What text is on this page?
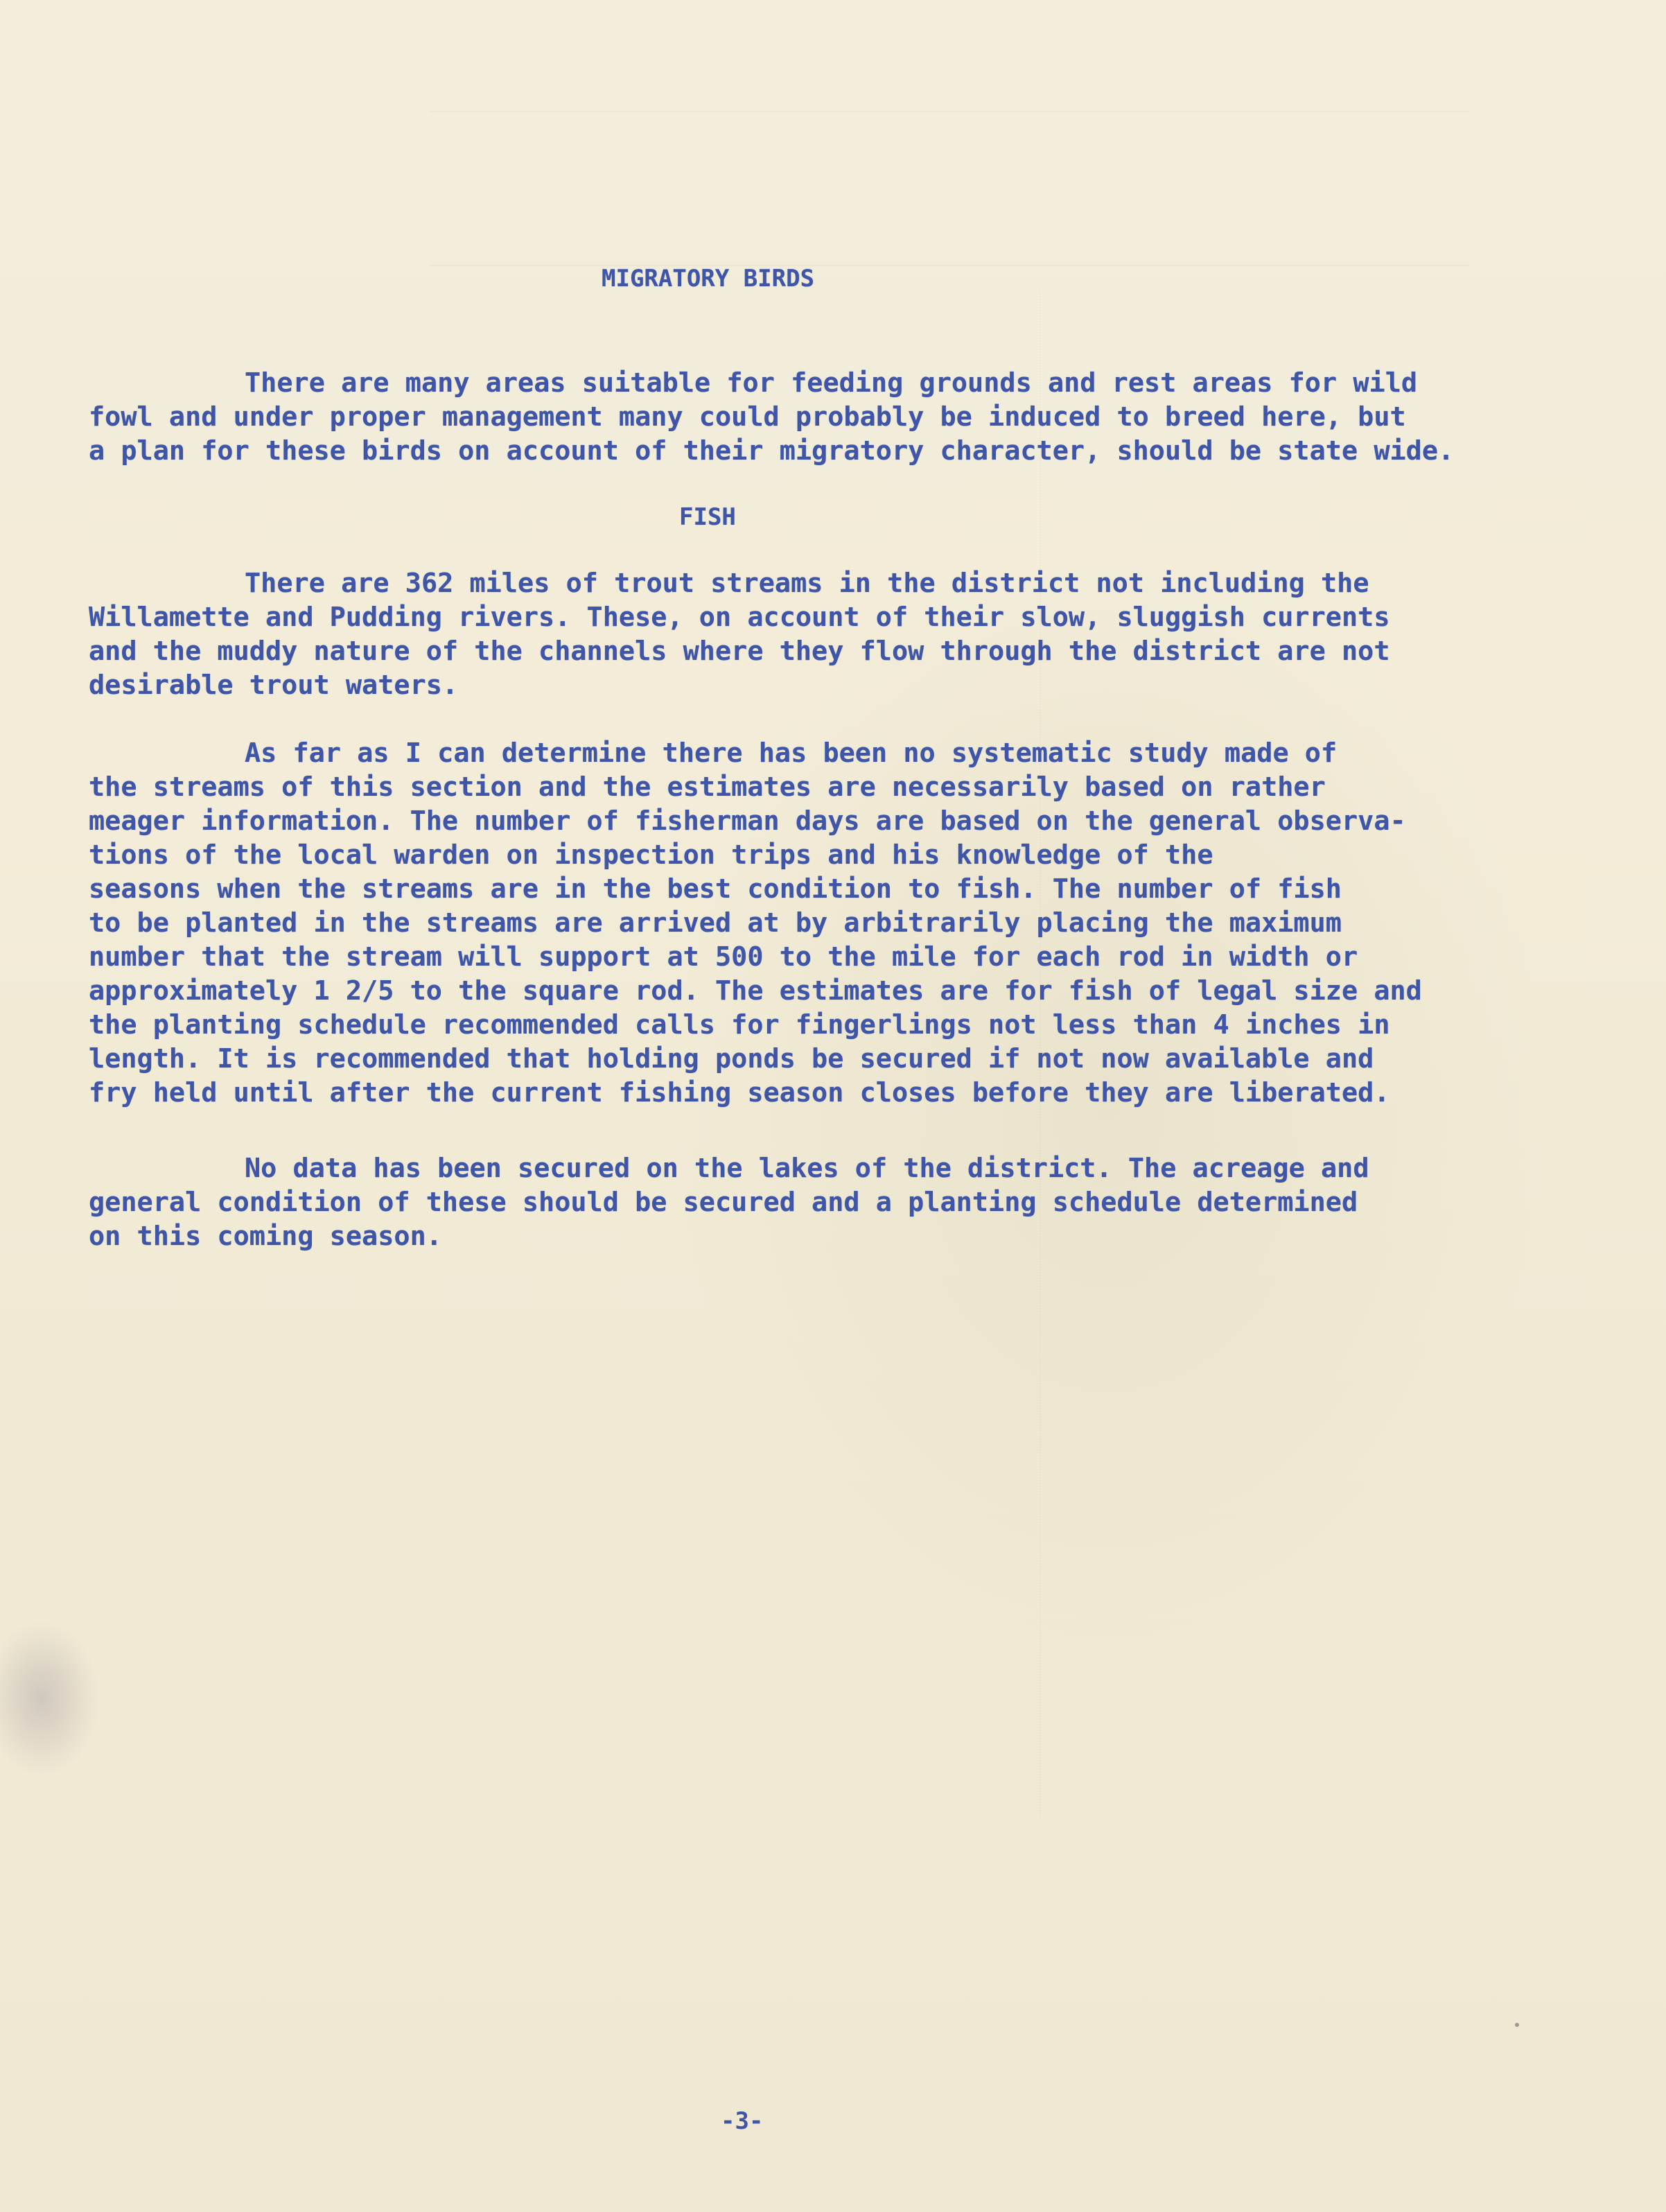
MIGRATORY BIRDS
There are many areas suitable for feeding grounds and rest areas for wild
fowl and under proper management many could probably be induced to breed here, but
a plan for these birds on account of their migratory character, should be state wide.
FISH
There are 362 miles of trout streams in the district not including the
Willamette and Pudding rivers. These, on account of their slow, sluggish currents
and the muddy nature of the channels where they flow through the district are not
desirable trout waters.
As far as I can determine there has been no systematic study made of
the streams of this section and the estimates are necessarily based on rather
meager information. The number of fisherman days are based on the general observa-
tions of the local warden on inspection trips and his knowledge of the
seasons when the streams are in the best condition to fish. The number of fish
to be planted in the streams are arrived at by arbitrarily placing the maximum
number that the stream will support at 500 to the mile for each rod in width or
approximately 1 2/5 to the square rod. The estimates are for fish of legal size and
the planting schedule recommended calls for fingerlings not less than 4 inches in
length. It is recommended that holding ponds be secured if not now available and
fry held until after the current fishing season closes before they are liberated.
No data has been secured on the lakes of the district. The acreage and
general condition of these should be secured and a planting schedule determined
on this coming season.
-3-
